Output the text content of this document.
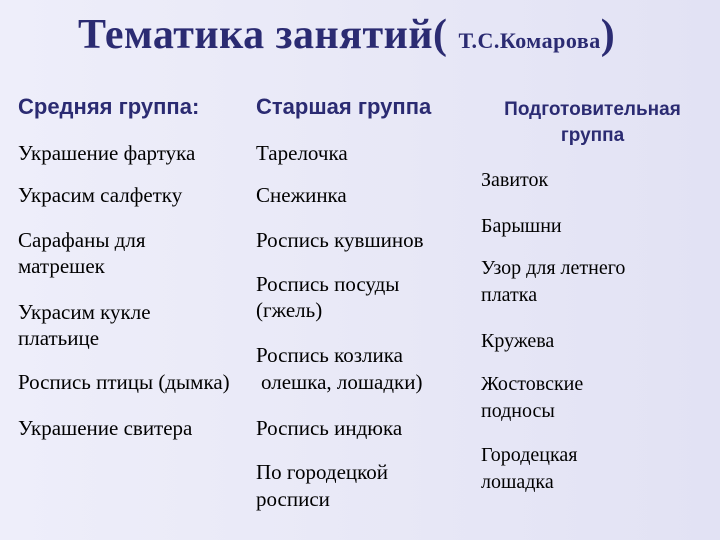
Тематика занятий( Т.С.Комарова)
Средняя группа:	Старшая группа	Подготовительная
группа
Украшение фартука
Украсим салфетку
Сарафаны для
матрешек
Украсим кукле
платьице
Роспись птицы (дымка)
Украшение свитера
Тарелочка
Снежинка
Роспись кувшинов
Роспись посуды
(гжель)
Роспись козлика
олешка, лошадки)
Роспись индюка
По городецкой
росписи
Завиток
Барышни
Узор для летнего
платка
Кружева
Жостовские
подносы
Городецкая
лошадка
